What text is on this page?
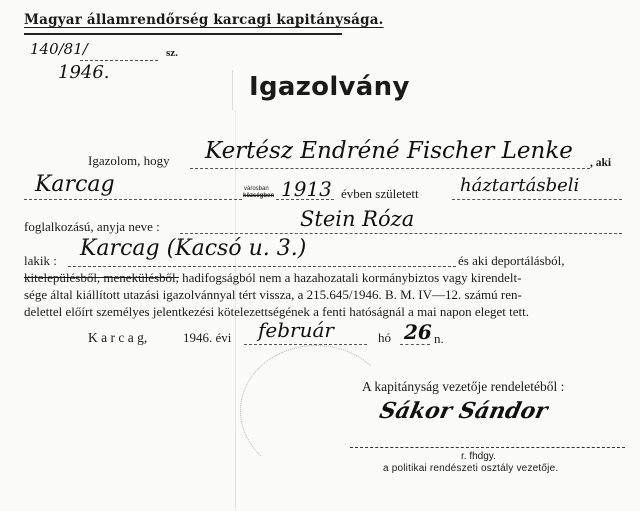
Magyar államrendőrség karcagi kapitánysága.
140/81/	sz.
1946.	Igazolvány
Igazolom, hogy Kertész Endréné Fischer Lenke , aki
Karcag	városban
községben 1913 évben született háztartásbeli
foglalkozású, anyja neve :	Stein Róza
lakik : Karcag (Kacsó u. 3.)	és aki deportálásból,
kitelepülésből, menekülésből, hadifogságból nem a hazahozatali kormánybiztos vagy kirendelt-
sége által kiállított utazási igazolvánnyal tért vissza, a 215.645/1946. B. M. IV—12. számú ren-
delettel előírt személyes jelentkezési kötelezettségének a fenti hatóságnál a mai napon eleget tett.
K a r c a g,	1946. évi február	hó 26 n.
A kapitányság vezetője rendeletéből :
Sákor Sándor
r. fhdgy.
a politikai rendészeti osztály vezetője.
